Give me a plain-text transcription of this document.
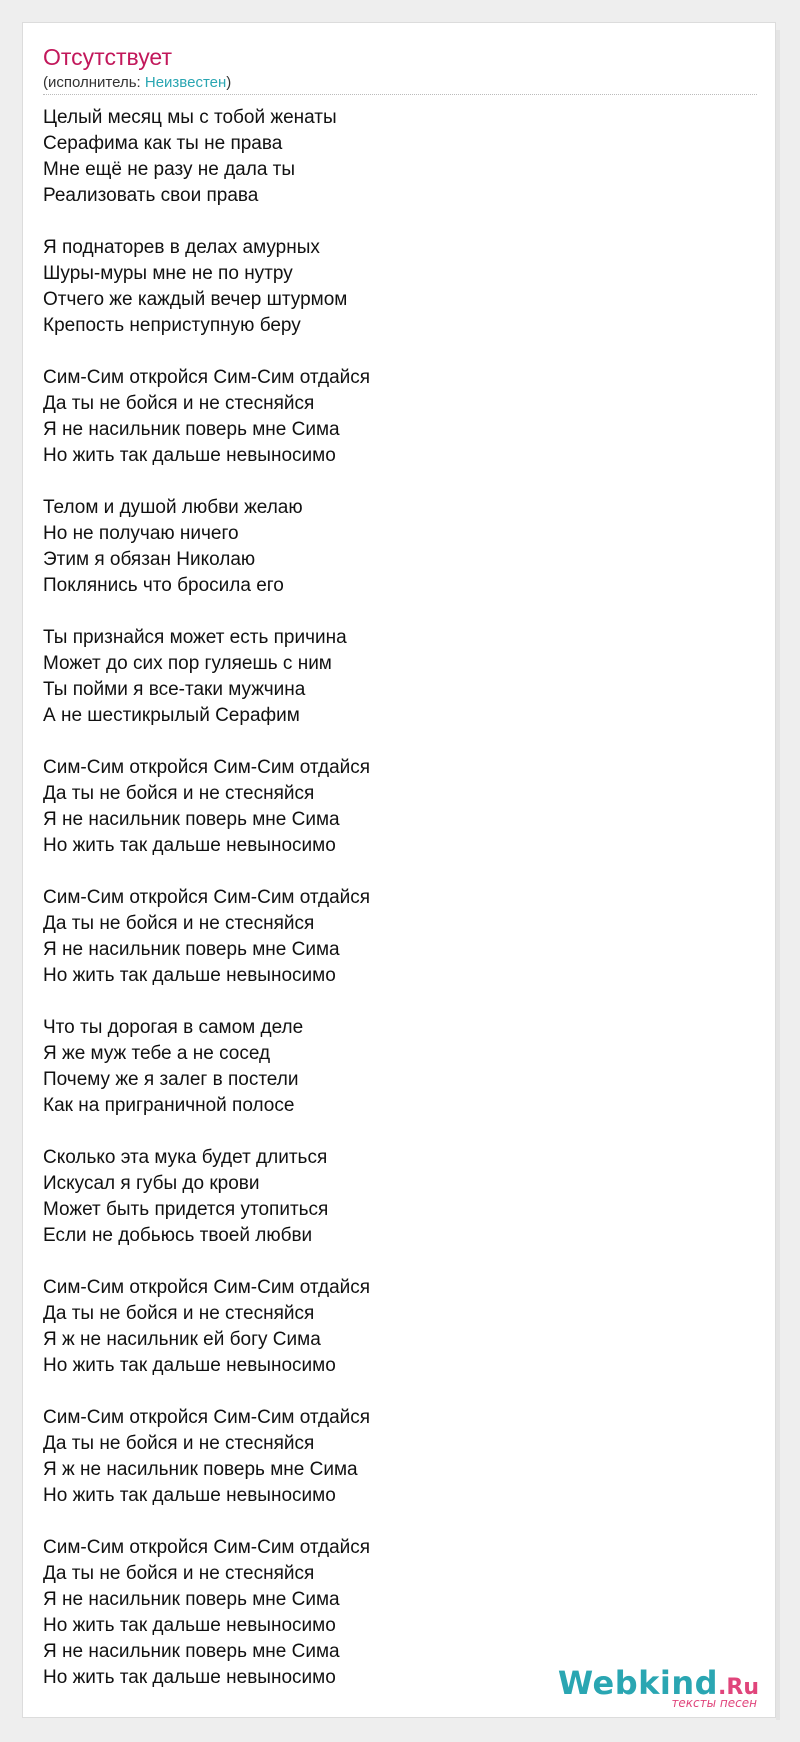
Отсутствует
(исполнитель: Неизвестен)
Целый месяц мы с тобой женаты
Серафима как ты не права
Мне ещё не разу не дала ты
Реализовать свои права
Я поднаторев в делах амурных
Шуры-муры мне не по нутру
Отчего же каждый вечер штурмом
Крепость неприступную беру
Сим-Сим откройся Сим-Сим отдайся
Да ты не бойся и не стесняйся
Я не насильник поверь мне Сима
Но жить так дальше невыносимо
Телом и душой любви желаю
Но не получаю ничего
Этим я обязан Николаю
Поклянись что бросила его
Ты признайся может есть причина
Может до сих пор гуляешь с ним
Ты пойми я все-таки мужчина
А не шестикрылый Серафим
Сим-Сим откройся Сим-Сим отдайся
Да ты не бойся и не стесняйся
Я не насильник поверь мне Сима
Но жить так дальше невыносимо
Сим-Сим откройся Сим-Сим отдайся
Да ты не бойся и не стесняйся
Я не насильник поверь мне Сима
Но жить так дальше невыносимо
Что ты дорогая в самом деле
Я же муж тебе а не сосед
Почему же я залег в постели
Как на приграничной полосе
Сколько эта мука будет длиться
Искусал я губы до крови
Может быть придется утопиться
Если не добьюсь твоей любви
Сим-Сим откройся Сим-Сим отдайся
Да ты не бойся и не стесняйся
Я ж не насильник ей богу Сима
Но жить так дальше невыносимо
Сим-Сим откройся Сим-Сим отдайся
Да ты не бойся и не стесняйся
Я ж не насильник поверь мне Сима
Но жить так дальше невыносимо
Сим-Сим откройся Сим-Сим отдайся
Да ты не бойся и не стесняйся
Я не насильник поверь мне Сима
Но жить так дальше невыносимо
Я не насильник поверь мне Сима
Но жить так дальше невыносимо	Webkind.Ru
тексты песен
